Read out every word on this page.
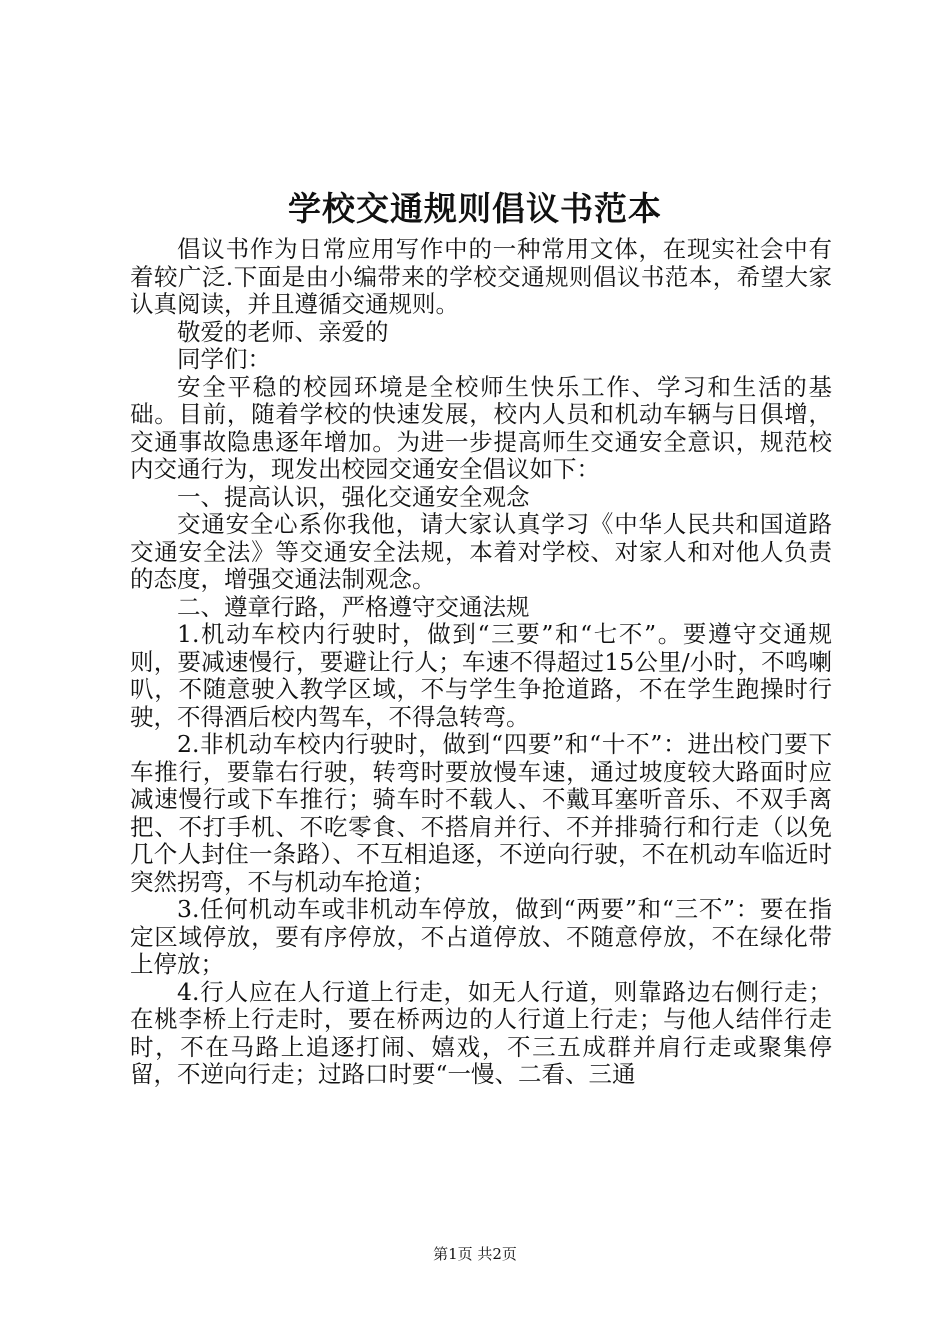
学校交通规则倡议书范本

倡议书作为日常应用写作中的一种常用文体，在现实社会中有着较广泛.下面是由小编带来的学校交通规则倡议书范本，希望大家认真阅读，并且遵循交通规则。

敬爱的老师、亲爱的

同学们：

安全平稳的校园环境是全校师生快乐工作、学习和生活的基础。目前，随着学校的快速发展，校内人员和机动车辆与日俱增，交通事故隐患逐年增加。为进一步提高师生交通安全意识，规范校内交通行为，现发出校园交通安全倡议如下：

一、提高认识，强化交通安全观念

交通安全心系你我他，请大家认真学习《中华人民共和国道路交通安全法》等交通安全法规，本着对学校、对家人和对他人负责的态度，增强交通法制观念。

二、遵章行路，严格遵守交通法规

1.机动车校内行驶时，做到“三要”和“七不”。要遵守交通规则，要减速慢行，要避让行人；车速不得超过15公里/小时，不鸣喇叭，不随意驶入教学区域，不与学生争抢道路，不在学生跑操时行驶，不得酒后校内驾车，不得急转弯。

2.非机动车校内行驶时，做到“四要”和“十不”：进出校门要下车推行，要靠右行驶，转弯时要放慢车速，通过坡度较大路面时应减速慢行或下车推行；骑车时不载人、不戴耳塞听音乐、不双手离把、不打手机、不吃零食、不搭肩并行、不并排骑行和行走（以免几个人封住一条路）、不互相追逐，不逆向行驶，不在机动车临近时突然拐弯，不与机动车抢道；

3.任何机动车或非机动车停放，做到“两要”和“三不”：要在指定区域停放，要有序停放，不占道停放、不随意停放，不在绿化带上停放；

4.行人应在人行道上行走，如无人行道，则靠路边右侧行走；在桃李桥上行走时，要在桥两边的人行道上行走；与他人结伴行走时，不在马路上追逐打闹、嬉戏，不三五成群并肩行走或聚集停留，不逆向行走；过路口时要“一慢、二看、三通

第1页 共2页
